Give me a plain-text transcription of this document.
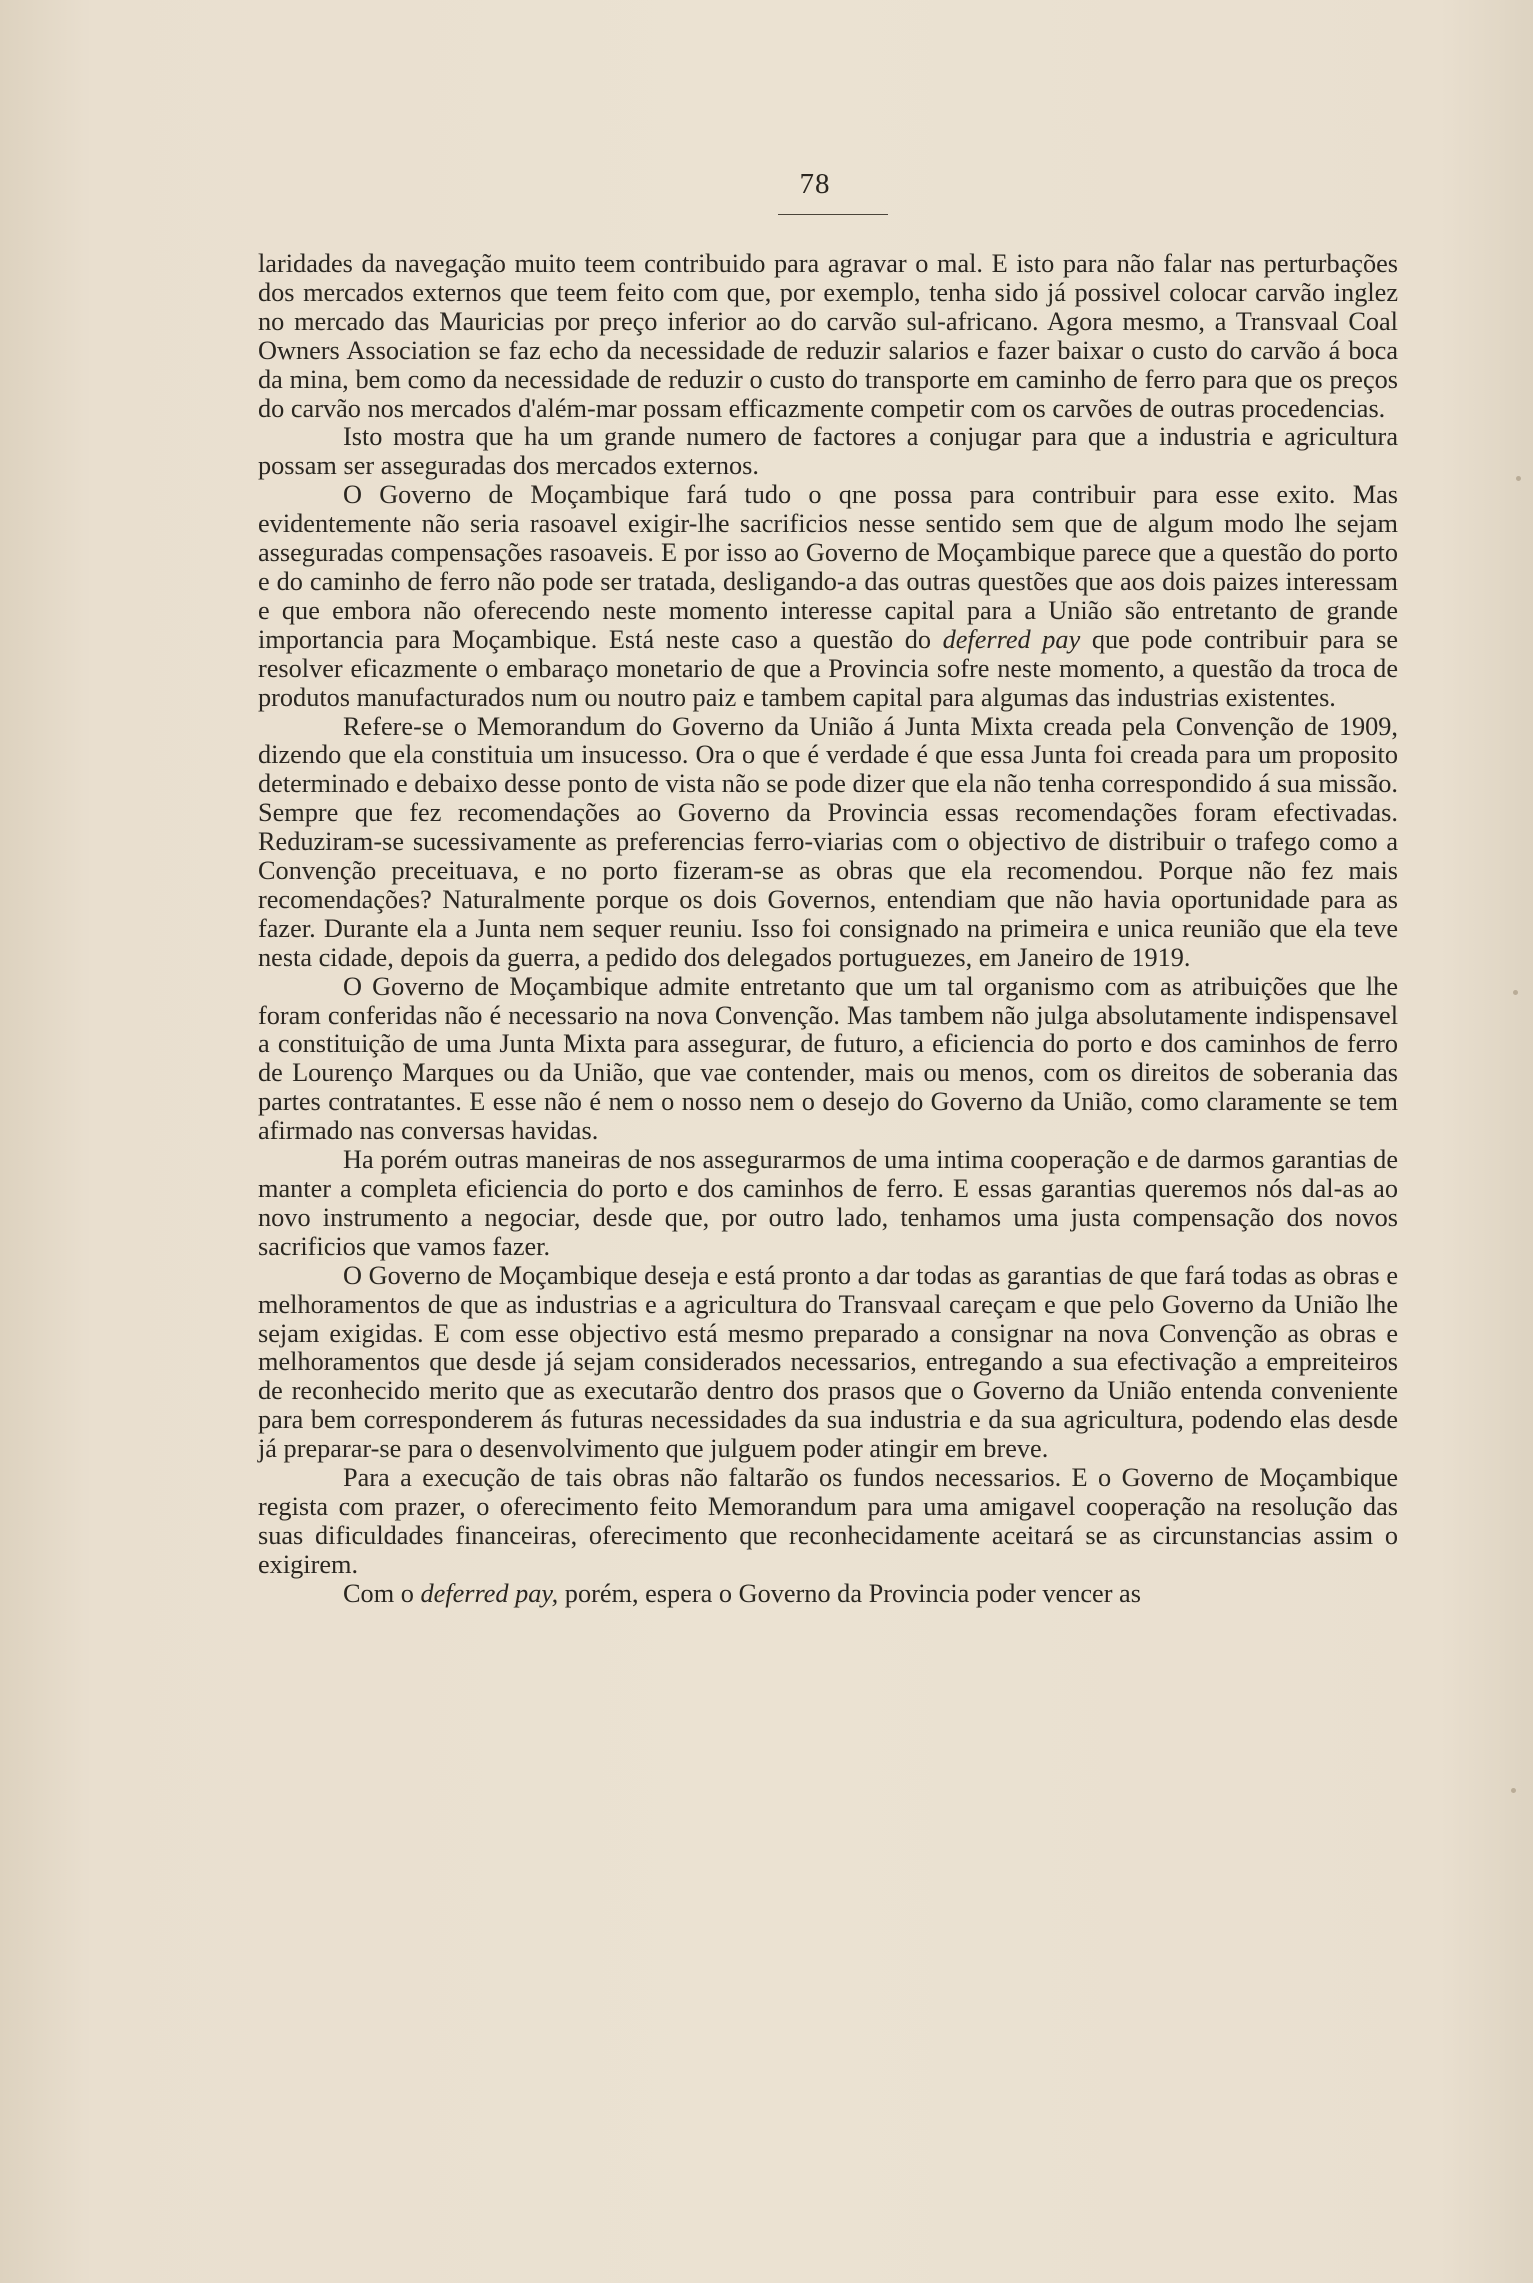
78

laridades da navegação muito teem contribuido para agravar o mal. E isto para não falar nas perturbações dos mercados externos que teem feito com que, por exemplo, tenha sido já possivel colocar carvão inglez no mercado das Mauricias por preço inferior ao do carvão sul-africano. Agora mesmo, a Transvaal Coal Owners Association se faz echo da necessidade de reduzir salarios e fazer baixar o custo do carvão á boca da mina, bem como da necessidade de reduzir o custo do transporte em caminho de ferro para que os preços do carvão nos mercados d'além-mar possam efficazmente competir com os carvões de outras procedencias.

Isto mostra que ha um grande numero de factores a conjugar para que a industria e agricultura possam ser asseguradas dos mercados externos.

O Governo de Moçambique fará tudo o qne possa para contribuir para esse exito. Mas evidentemente não seria rasoavel exigir-lhe sacrificios nesse sentido sem que de algum modo lhe sejam asseguradas compensações rasoaveis. E por isso ao Governo de Moçambique parece que a questão do porto e do caminho de ferro não pode ser tratada, desligando-a das outras questões que aos dois paizes interessam e que embora não oferecendo neste momento interesse capital para a União são entretanto de grande importancia para Moçambique. Está neste caso a questão do deferred pay que pode contribuir para se resolver eficazmente o embaraço monetario de que a Provincia sofre neste momento, a questão da troca de produtos manufacturados num ou noutro paiz e tambem capital para algumas das industrias existentes.

Refere-se o Memorandum do Governo da União á Junta Mixta creada pela Convenção de 1909, dizendo que ela constituia um insucesso. Ora o que é verdade é que essa Junta foi creada para um proposito determinado e debaixo desse ponto de vista não se pode dizer que ela não tenha correspondido á sua missão. Sempre que fez recomendações ao Governo da Provincia essas recomendações foram efectivadas. Reduziram-se sucessivamente as preferencias ferro-viarias com o objectivo de distribuir o trafego como a Convenção preceituava, e no porto fizeram-se as obras que ela recomendou. Porque não fez mais recomendações? Naturalmente porque os dois Governos, entendiam que não havia oportunidade para as fazer. Durante ela a Junta nem sequer reuniu. Isso foi consignado na primeira e unica reunião que ela teve nesta cidade, depois da guerra, a pedido dos delegados portuguezes, em Janeiro de 1919.

O Governo de Moçambique admite entretanto que um tal organismo com as atribuições que lhe foram conferidas não é necessario na nova Convenção. Mas tambem não julga absolutamente indispensavel a constituição de uma Junta Mixta para assegurar, de futuro, a eficiencia do porto e dos caminhos de ferro de Lourenço Marques ou da União, que vae contender, mais ou menos, com os direitos de soberania das partes contratantes. E esse não é nem o nosso nem o desejo do Governo da União, como claramente se tem afirmado nas conversas havidas.

Ha porém outras maneiras de nos assegurarmos de uma intima cooperação e de darmos garantias de manter a completa eficiencia do porto e dos caminhos de ferro. E essas garantias queremos nós dal-as ao novo instrumento a negociar, desde que, por outro lado, tenhamos uma justa compensação dos novos sacrificios que vamos fazer.

O Governo de Moçambique deseja e está pronto a dar todas as garantias de que fará todas as obras e melhoramentos de que as industrias e a agricultura do Transvaal careçam e que pelo Governo da União lhe sejam exigidas. E com esse objectivo está mesmo preparado a consignar na nova Convenção as obras e melhoramentos que desde já sejam considerados necessarios, entregando a sua efectivação a empreiteiros de reconhecido merito que as executarão dentro dos prasos que o Governo da União entenda conveniente para bem corresponderem ás futuras necessidades da sua industria e da sua agricultura, podendo elas desde já preparar-se para o desenvolvimento que julguem poder atingir em breve.

Para a execução de tais obras não faltarão os fundos necessarios. E o Governo de Moçambique regista com prazer, o oferecimento feito Memorandum para uma amigavel cooperação na resolução das suas dificuldades financeiras, oferecimento que reconhecidamente aceitará se as circunstancias assim o exigirem.

Com o deferred pay, porém, espera o Governo da Provincia poder vencer as
